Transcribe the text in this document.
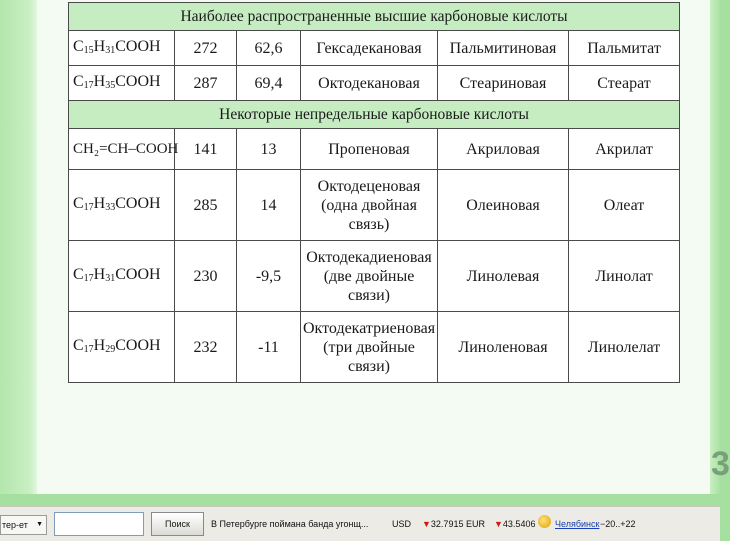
Наиболее распространенные высшие карбоновые кислоты					
$C_{15}H_{31}COOH$	272	62,6	Гексадекановая	Пальмитиновая	Пальмитат
$C_{17}H_{35}COOH$	287	69,4	Октодекановая	Стеариновая	Стеарат
Некоторые непредельные карбоновые кислоты					
CH₂=CH–COOH	141	13	Пропеновая	Акриловая	Акрилат
$C_{17}H_{33}COOH$	285	14	Октодеценовая
(одна двойная
связь)	Олеиновая	Олеат
$C_{17}H_{31}COOH$	230	-9,5	Октодекадиеновая
(две двойные
связи)	Линолевая	Линолат
$C_{17}H_{29}COOH$	232	-11	Октодекатриеновая
(три двойные
связи)	Линоленовая	Линолелат
3
тер-ет ▼	Поиск	В Петербурге поймана банда угонщ...	USD ▼32.7915 EUR ▼43.5406 Челябинск −20..+22
